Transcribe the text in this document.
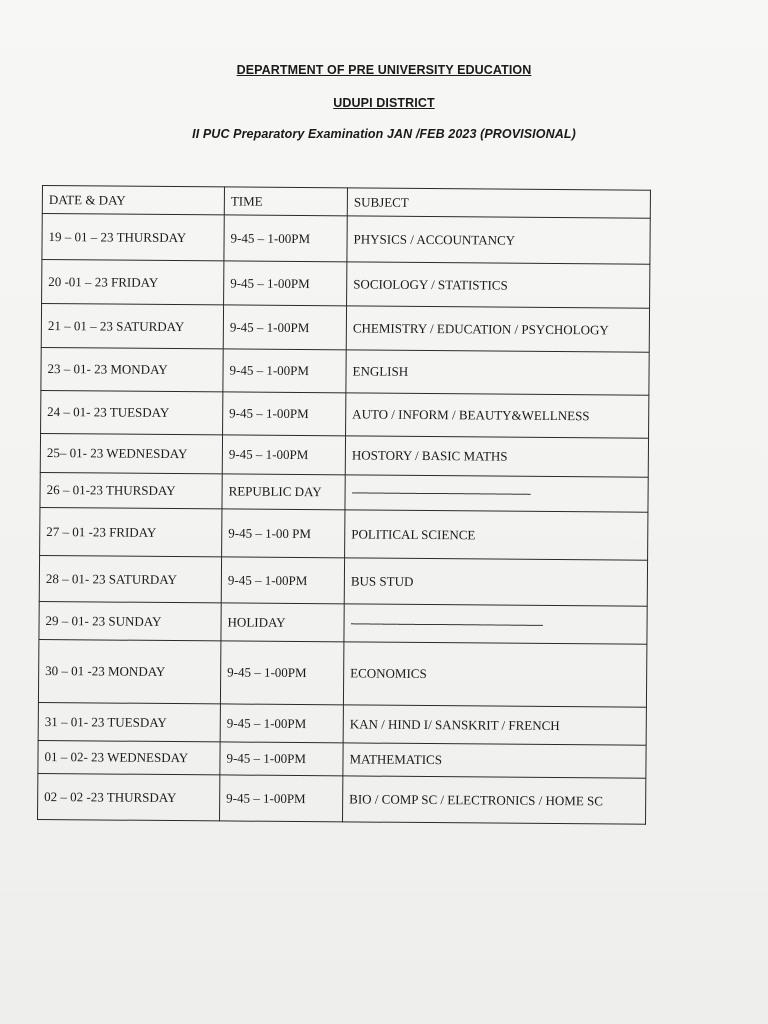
DEPARTMENT OF PRE UNIVERSITY EDUCATION
UDUPI DISTRICT
II PUC Preparatory Examination JAN /FEB 2023 (PROVISIONAL)
DATE & DAY	TIME	SUBJECT
19 – 01 – 23 THURSDAY	9-45 – 1-00PM	PHYSICS / ACCOUNTANCY
20 -01 – 23 FRIDAY	9-45 – 1-00PM	SOCIOLOGY / STATISTICS
21 – 01 – 23 SATURDAY	9-45 – 1-00PM	CHEMISTRY / EDUCATION / PSYCHOLOGY
23 – 01- 23 MONDAY	9-45 – 1-00PM	ENGLISH
24 – 01- 23 TUESDAY	9-45 – 1-00PM	AUTO / INFORM / BEAUTY&WELLNESS
25– 01- 23 WEDNESDAY	9-45 – 1-00PM	HOSTORY / BASIC MATHS
26 – 01-23 THURSDAY	REPUBLIC DAY	-------------------------------------------------------------------
27 – 01 -23 FRIDAY	9-45 – 1-00 PM	POLITICAL SCIENCE
28 – 01- 23 SATURDAY	9-45 – 1-00PM	BUS STUD
29 – 01- 23 SUNDAY	HOLIDAY	------------------------------------------------------------------------
30 – 01 -23 MONDAY	9-45 – 1-00PM	ECONOMICS
31 – 01- 23 TUESDAY	9-45 – 1-00PM	KAN / HIND I/ SANSKRIT / FRENCH
01 – 02- 23 WEDNESDAY	9-45 – 1-00PM	MATHEMATICS
02 – 02 -23 THURSDAY	9-45 – 1-00PM	BIO / COMP SC / ELECTRONICS / HOME SC
